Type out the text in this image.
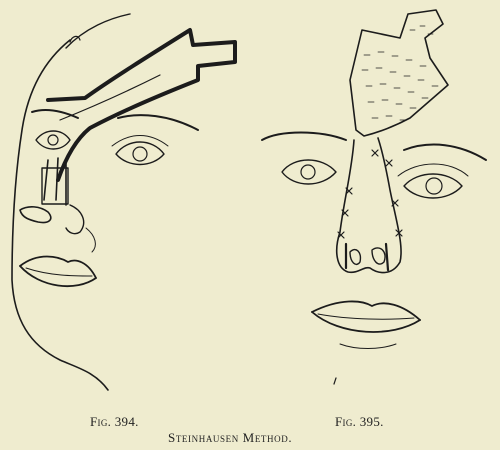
Fig. 394.	Fig. 395.
Steinhausen Method.
